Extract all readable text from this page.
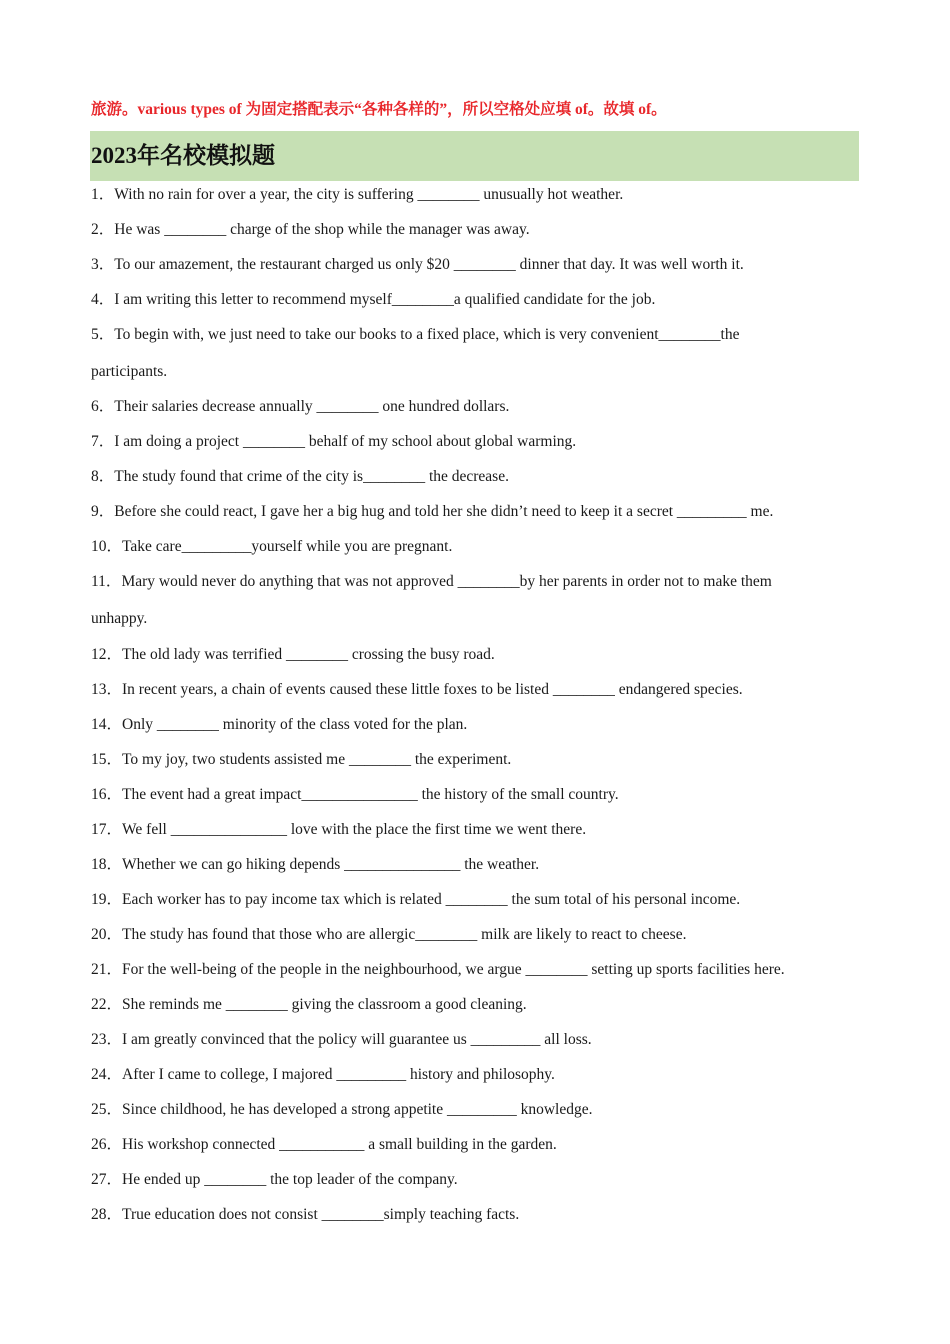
旅游。various types of 为固定搭配表示“各种各样的”，所以空格处应填 of。故填 of。
2023年名校模拟题
1．With no rain for over a year, the city is suffering ________ unusually hot weather.
2．He was ________ charge of the shop while the manager was away.
3．To our amazement, the restaurant charged us only $20 ________ dinner that day. It was well worth it.
4．I am writing this letter to recommend myself________a qualified candidate for the job.
5．To begin with, we just need to take our books to a fixed place, which is very convenient________the
participants.
6．Their salaries decrease annually ________ one hundred dollars.
7．I am doing a project ________ behalf of my school about global warming.
8．The study found that crime of the city is________ the decrease.
9．Before she could react, I gave her a big hug and told her she didn’t need to keep it a secret _________ me.
10．Take care_________yourself while you are pregnant.
11．Mary would never do anything that was not approved ________by her parents in order not to make them
unhappy.
12．The old lady was terrified ________ crossing the busy road.
13．In recent years, a chain of events caused these little foxes to be listed ________ endangered species.
14．Only ________ minority of the class voted for the plan.
15．To my joy, two students assisted me ________ the experiment.
16．The event had a great impact_______________ the history of the small country.
17．We fell _______________ love with the place the first time we went there.
18．Whether we can go hiking depends _______________ the weather.
19．Each worker has to pay income tax which is related ________ the sum total of his personal income.
20．The study has found that those who are allergic________ milk are likely to react to cheese.
21．For the well-being of the people in the neighbourhood, we argue ________ setting up sports facilities here.
22．She reminds me ________ giving the classroom a good cleaning.
23．I am greatly convinced that the policy will guarantee us _________ all loss.
24．After I came to college, I majored _________ history and philosophy.
25．Since childhood, he has developed a strong appetite _________ knowledge.
26．His workshop connected ___________ a small building in the garden.
27．He ended up ________ the top leader of the company.
28．True education does not consist ________simply teaching facts.
